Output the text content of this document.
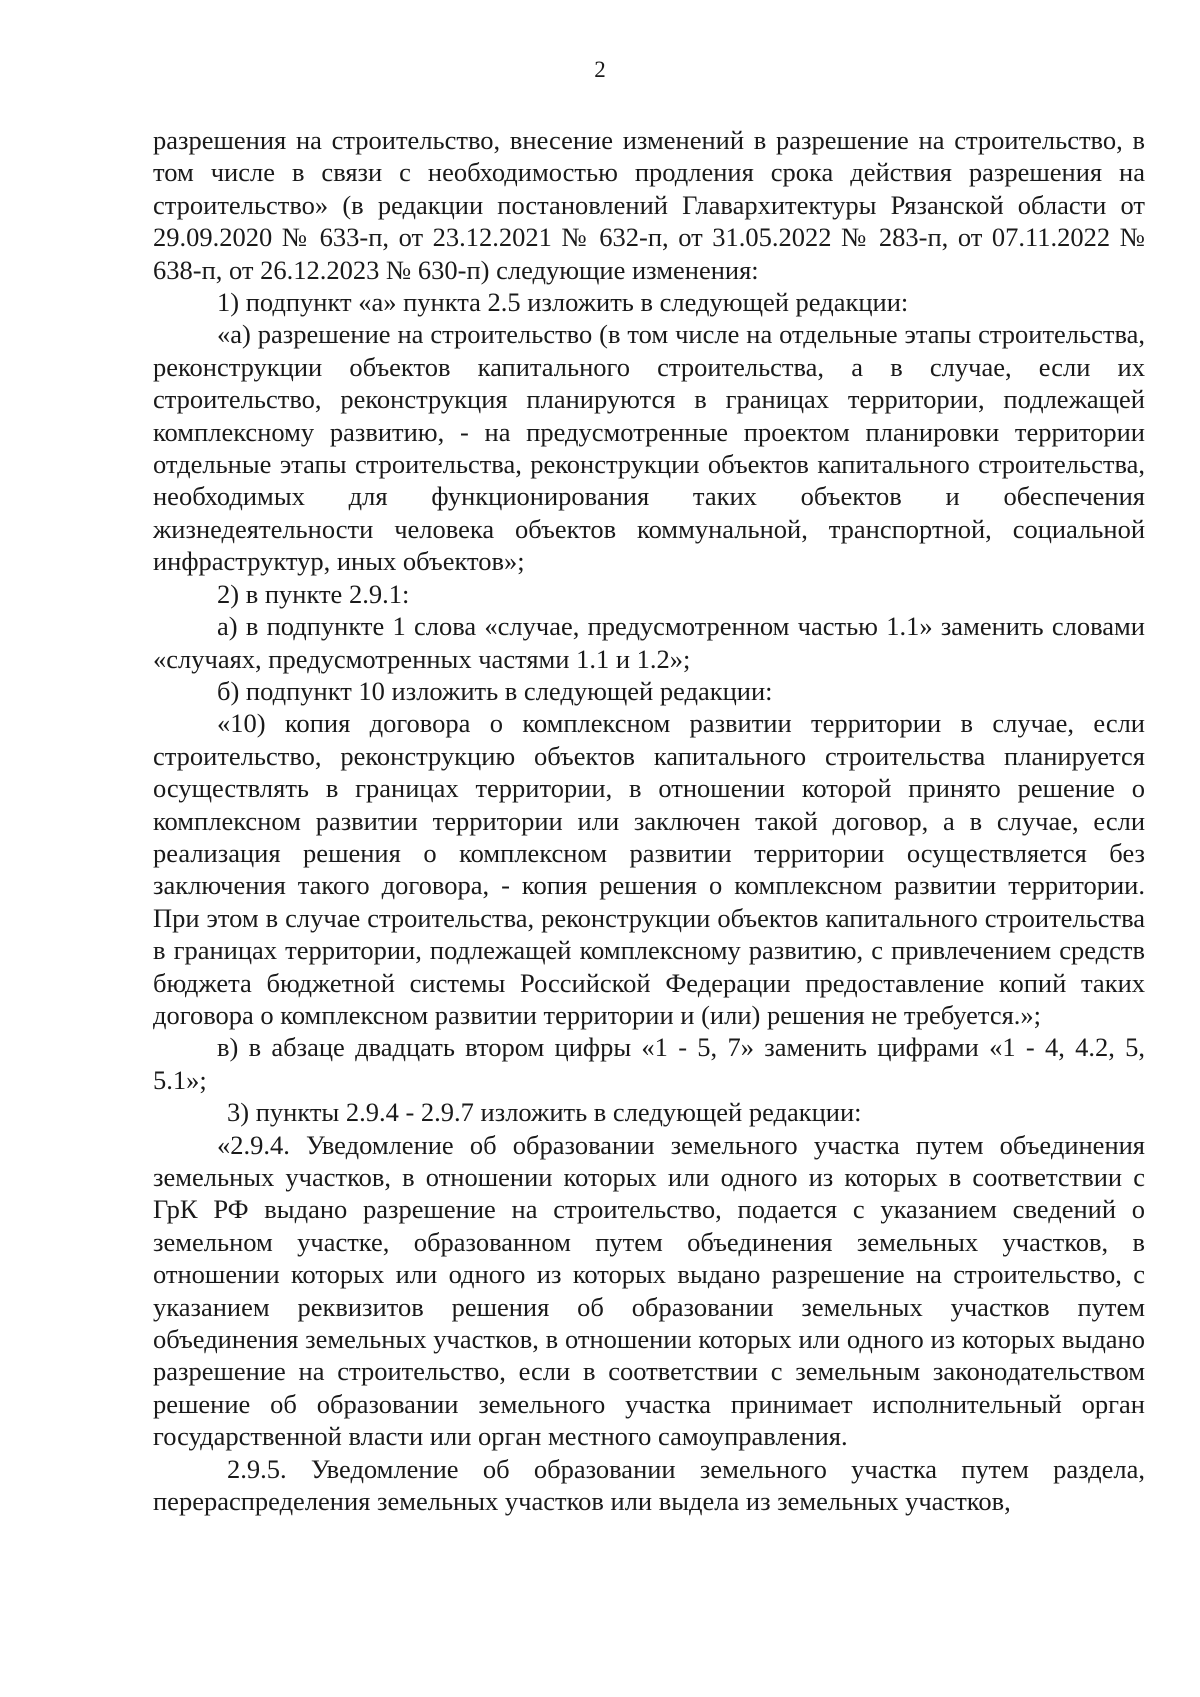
2

разрешения на строительство, внесение изменений в разрешение на строительство, в том числе в связи с необходимостью продления срока действия разрешения на строительство» (в редакции постановлений Главархитектуры Рязанской области от 29.09.2020 № 633-п, от 23.12.2021 № 632-п, от 31.05.2022 № 283-п, от 07.11.2022 № 638-п, от 26.12.2023 № 630-п) следующие изменения:

1) подпункт «а» пункта 2.5 изложить в следующей редакции:

«а) разрешение на строительство (в том числе на отдельные этапы строительства, реконструкции объектов капитального строительства, а в случае, если их строительство, реконструкция планируются в границах территории, подлежащей комплексному развитию, - на предусмотренные проектом планировки территории отдельные этапы строительства, реконструкции объектов капитального строительства, необходимых для функционирования таких объектов и обеспечения жизнедеятельности человека объектов коммунальной, транспортной, социальной инфраструктур, иных объектов»;

2) в пункте 2.9.1:

а) в подпункте 1 слова «случае, предусмотренном частью 1.1» заменить словами «случаях, предусмотренных частями 1.1 и 1.2»;

б) подпункт 10 изложить в следующей редакции:

«10) копия договора о комплексном развитии территории в случае, если строительство, реконструкцию объектов капитального строительства планируется осуществлять в границах территории, в отношении которой принято решение о комплексном развитии территории или заключен такой договор, а в случае, если реализация решения о комплексном развитии территории осуществляется без заключения такого договора, - копия решения о комплексном развитии территории. При этом в случае строительства, реконструкции объектов капитального строительства в границах территории, подлежащей комплексному развитию, с привлечением средств бюджета бюджетной системы Российской Федерации предоставление копий таких договора о комплексном развитии территории и (или) решения не требуется.»;

в) в абзаце двадцать втором цифры «1 - 5, 7» заменить цифрами «1 - 4, 4.2, 5, 5.1»;

3) пункты 2.9.4 - 2.9.7 изложить в следующей редакции:

«2.9.4. Уведомление об образовании земельного участка путем объединения земельных участков, в отношении которых или одного из которых в соответствии с ГрК РФ выдано разрешение на строительство, подается с указанием сведений о земельном участке, образованном путем объединения земельных участков, в отношении которых или одного из которых выдано разрешение на строительство, с указанием реквизитов решения об образовании земельных участков путем объединения земельных участков, в отношении которых или одного из которых выдано разрешение на строительство, если в соответствии с земельным законодательством решение об образовании земельного участка принимает исполнительный орган государственной власти или орган местного самоуправления.

2.9.5. Уведомление об образовании земельного участка путем раздела, перераспределения земельных участков или выдела из земельных участков,
